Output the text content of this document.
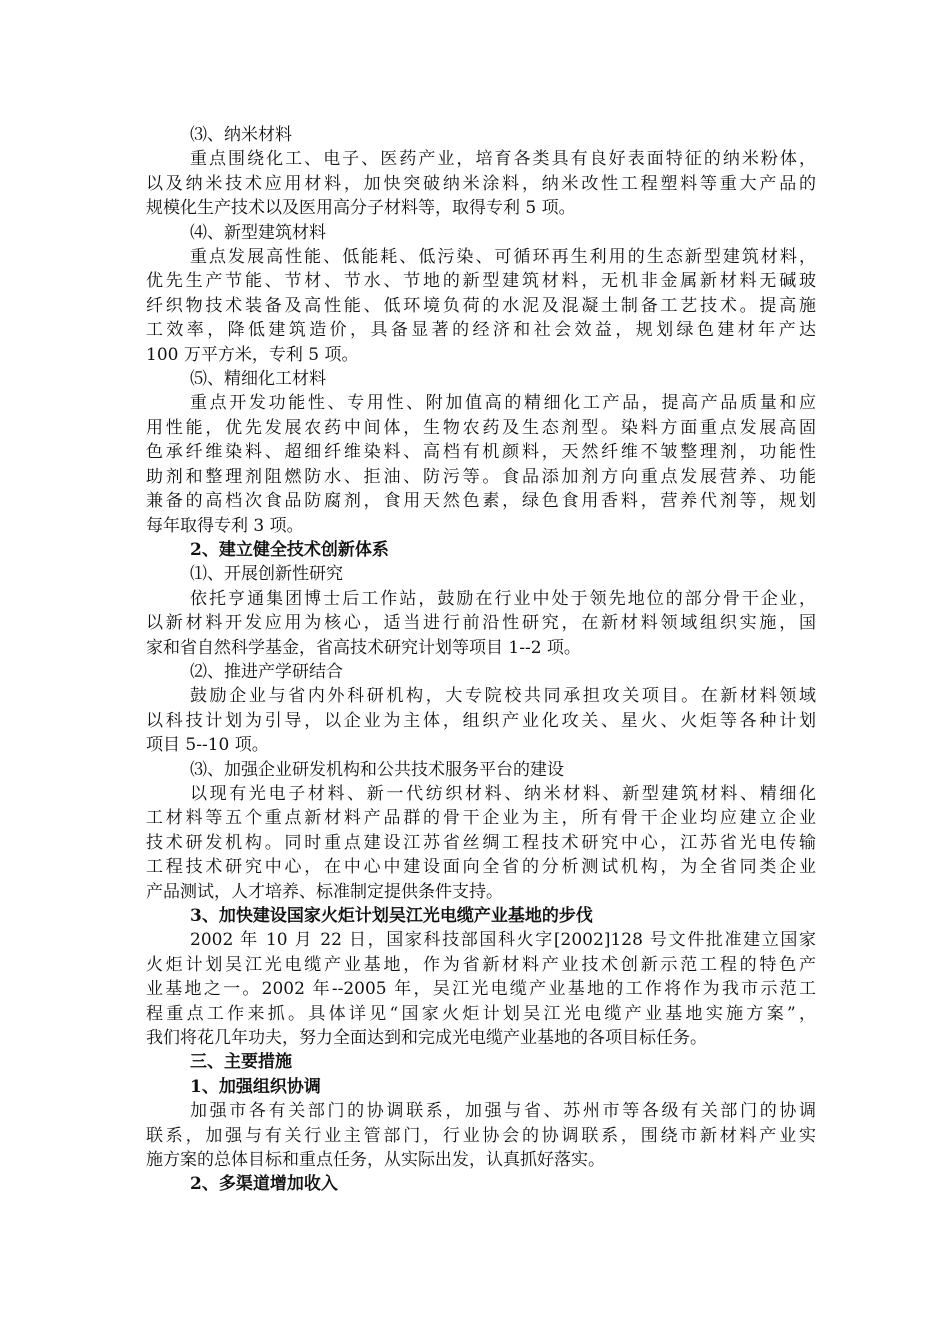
⑶、纳米材料
重点围绕化工、电子、医药产业，培育各类具有良好表面特征的纳米粉体，
以及纳米技术应用材料，加快突破纳米涂料，纳米改性工程塑料等重大产品的
规模化生产技术以及医用高分子材料等，取得专利 5 项。
⑷、新型建筑材料
重点发展高性能、低能耗、低污染、可循环再生利用的生态新型建筑材料，
优先生产节能、节材、节水、节地的新型建筑材料，无机非金属新材料无碱玻
纤织物技术装备及高性能、低环境负荷的水泥及混凝土制备工艺技术。提高施
工效率，降低建筑造价，具备显著的经济和社会效益，规划绿色建材年产达
100 万平方米，专利 5 项。
⑸、精细化工材料
重点开发功能性、专用性、附加值高的精细化工产品，提高产品质量和应
用性能，优先发展农药中间体，生物农药及生态剂型。染料方面重点发展高固
色承纤维染料、超细纤维染料、高档有机颜料，天然纤维不皱整理剂，功能性
助剂和整理剂阻燃防水、拒油、防污等。食品添加剂方向重点发展营养、功能
兼备的高档次食品防腐剂，食用天然色素，绿色食用香料，营养代剂等，规划
每年取得专利 3 项。
2、建立健全技术创新体系
⑴、开展创新性研究
依托亨通集团博士后工作站，鼓励在行业中处于领先地位的部分骨干企业，
以新材料开发应用为核心，适当进行前沿性研究，在新材料领域组织实施，国
家和省自然科学基金，省高技术研究计划等项目 1--2 项。
⑵、推进产学研结合
鼓励企业与省内外科研机构，大专院校共同承担攻关项目。在新材料领域
以科技计划为引导，以企业为主体，组织产业化攻关、星火、火炬等各种计划
项目 5--10 项。
⑶、加强企业研发机构和公共技术服务平台的建设
以现有光电子材料、新一代纺织材料、纳米材料、新型建筑材料、精细化
工材料等五个重点新材料产品群的骨干企业为主，所有骨干企业均应建立企业
技术研发机构。同时重点建设江苏省丝绸工程技术研究中心，江苏省光电传输
工程技术研究中心，在中心中建设面向全省的分析测试机构，为全省同类企业
产品测试，人才培养、标准制定提供条件支持。
3、加快建设国家火炬计划吴江光电缆产业基地的步伐
2002 年 10 月 22 日，国家科技部国科火字[2002]128 号文件批准建立国家
火炬计划吴江光电缆产业基地，作为省新材料产业技术创新示范工程的特色产
业基地之一。2002 年--2005 年，吴江光电缆产业基地的工作将作为我市示范工
程重点工作来抓。具体详见“国家火炬计划吴江光电缆产业基地实施方案”，
我们将花几年功夫，努力全面达到和完成光电缆产业基地的各项目标任务。
三、主要措施
1、加强组织协调
加强市各有关部门的协调联系，加强与省、苏州市等各级有关部门的协调
联系，加强与有关行业主管部门，行业协会的协调联系，围绕市新材料产业实
施方案的总体目标和重点任务，从实际出发，认真抓好落实。
2、多渠道增加收入
